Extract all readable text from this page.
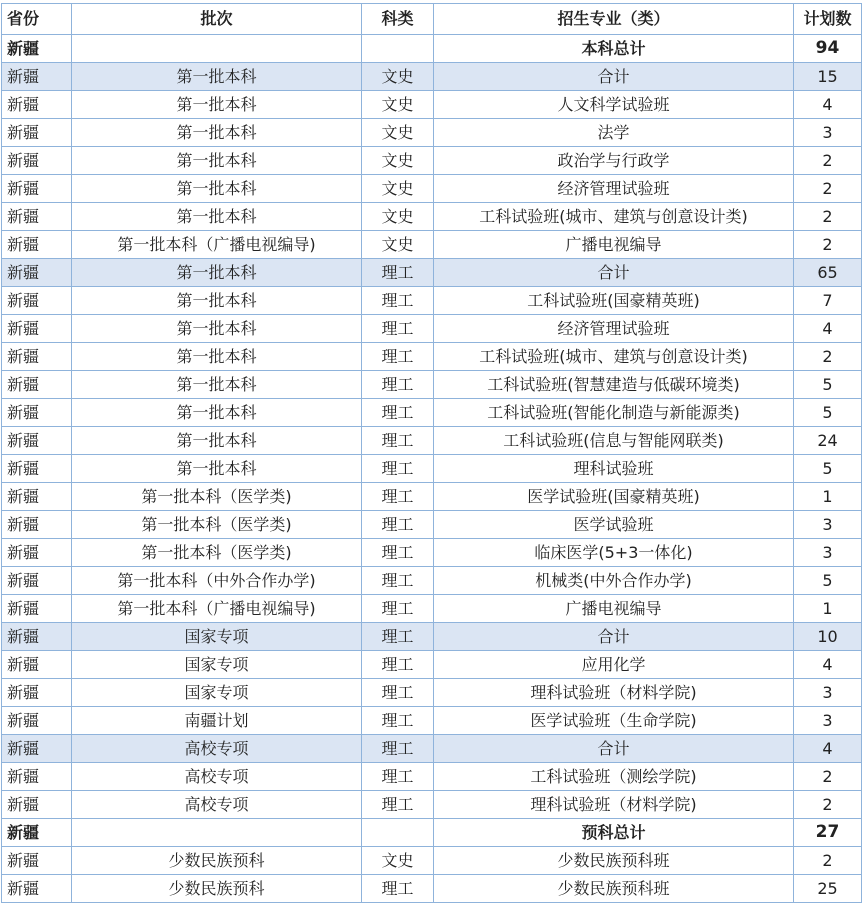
省份	批次	科类	招生专业（类）	计划数
新疆			本科总计	94
新疆	第一批本科	文史	合计	15
新疆	第一批本科	文史	人文科学试验班	4
新疆	第一批本科	文史	法学	3
新疆	第一批本科	文史	政治学与行政学	2
新疆	第一批本科	文史	经济管理试验班	2
新疆	第一批本科	文史	工科试验班(城市、建筑与创意设计类)	2
新疆	第一批本科（广播电视编导)	文史	广播电视编导	2
新疆	第一批本科	理工	合计	65
新疆	第一批本科	理工	工科试验班(国豪精英班)	7
新疆	第一批本科	理工	经济管理试验班	4
新疆	第一批本科	理工	工科试验班(城市、建筑与创意设计类)	2
新疆	第一批本科	理工	工科试验班(智慧建造与低碳环境类)	5
新疆	第一批本科	理工	工科试验班(智能化制造与新能源类)	5
新疆	第一批本科	理工	工科试验班(信息与智能网联类)	24
新疆	第一批本科	理工	理科试验班	5
新疆	第一批本科（医学类)	理工	医学试验班(国豪精英班)	1
新疆	第一批本科（医学类)	理工	医学试验班	3
新疆	第一批本科（医学类)	理工	临床医学(5+3一体化)	3
新疆	第一批本科（中外合作办学)	理工	机械类(中外合作办学)	5
新疆	第一批本科（广播电视编导)	理工	广播电视编导	1
新疆	国家专项	理工	合计	10
新疆	国家专项	理工	应用化学	4
新疆	国家专项	理工	理科试验班（材料学院)	3
新疆	南疆计划	理工	医学试验班（生命学院)	3
新疆	高校专项	理工	合计	4
新疆	高校专项	理工	工科试验班（测绘学院)	2
新疆	高校专项	理工	理科试验班（材料学院)	2
新疆			预科总计	27
新疆	少数民族预科	文史	少数民族预科班	2
新疆	少数民族预科	理工	少数民族预科班	25
